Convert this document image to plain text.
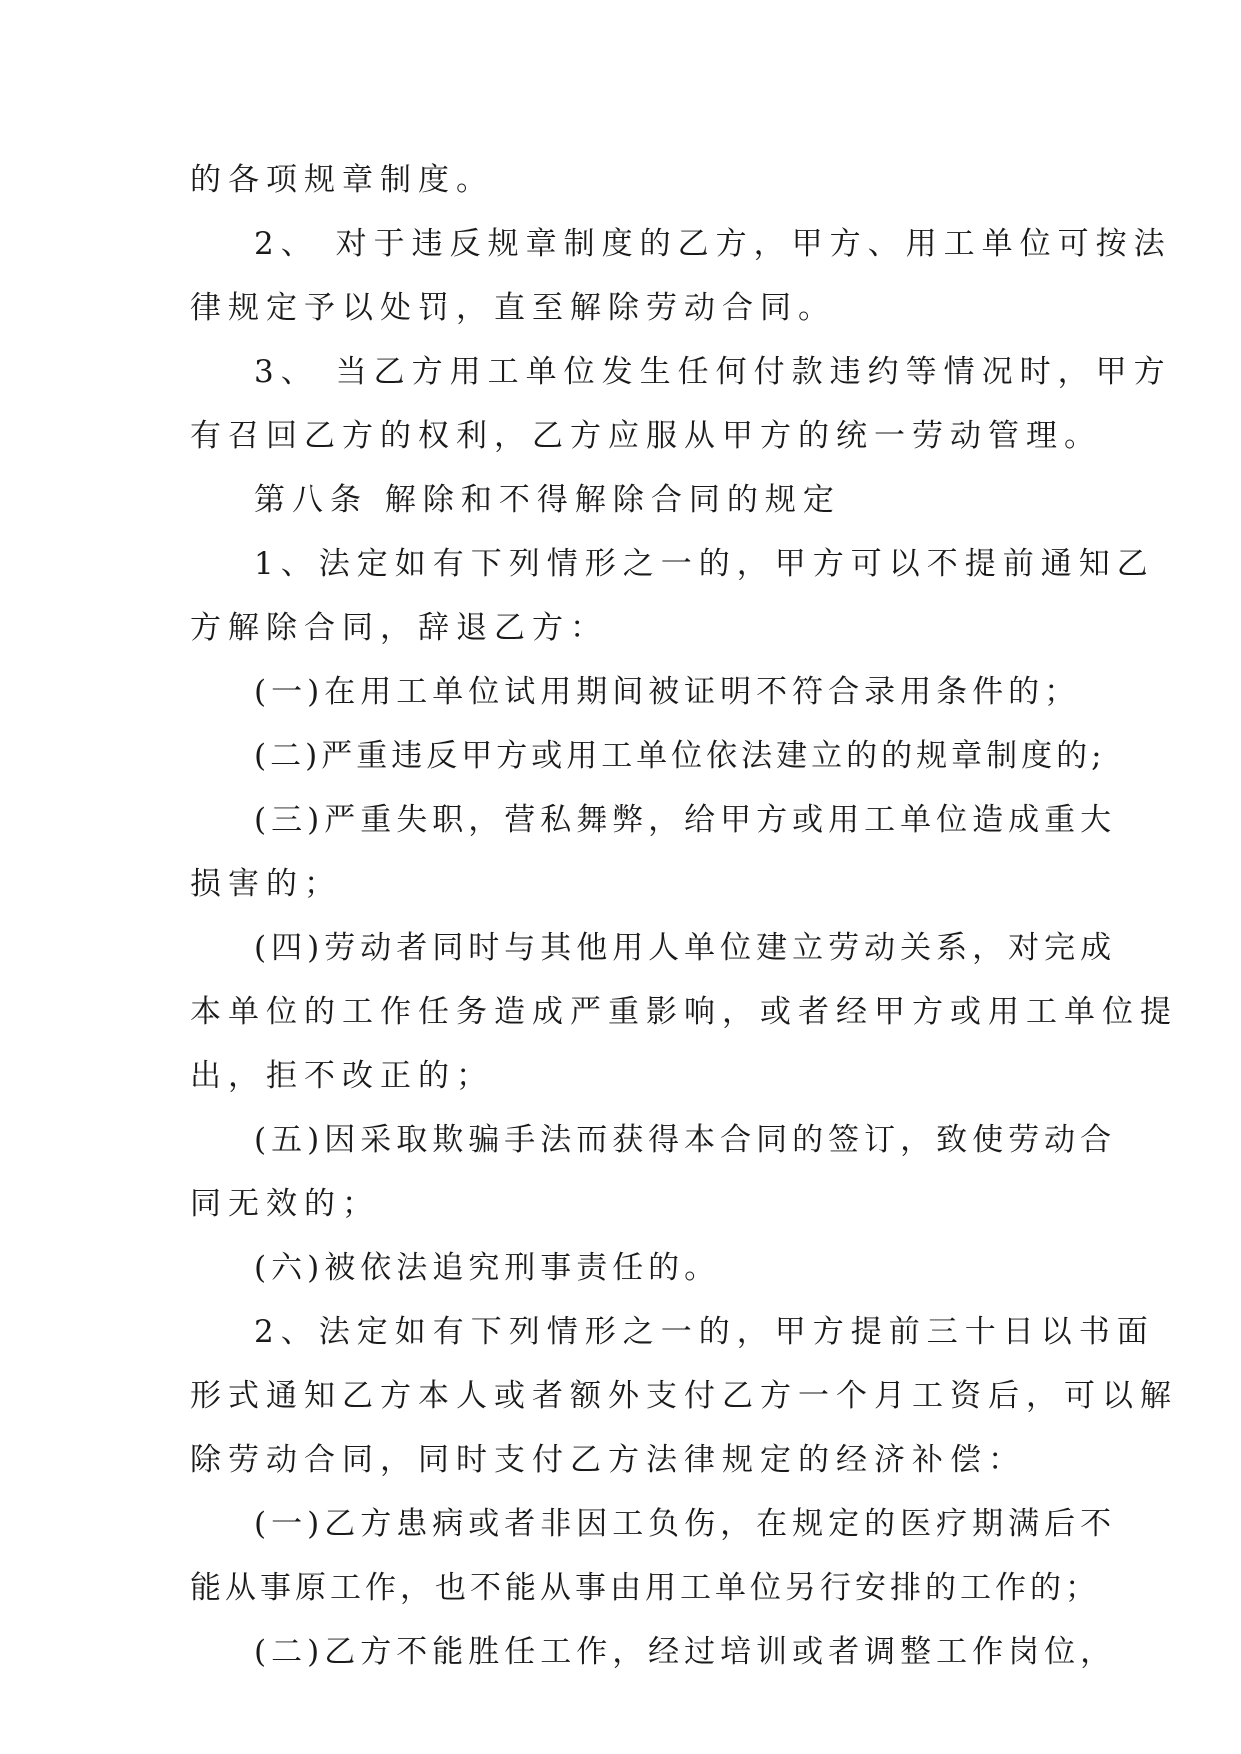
的各项规章制度。
2、 对于违反规章制度的乙方，甲方、用工单位可按法
律规定予以处罚，直至解除劳动合同。
3、 当乙方用工单位发生任何付款违约等情况时，甲方
有召回乙方的权利，乙方应服从甲方的统一劳动管理。
第八条 解除和不得解除合同的规定
1、法定如有下列情形之一的，甲方可以不提前通知乙
方解除合同，辞退乙方：
(一)在用工单位试用期间被证明不符合录用条件的；
(二)严重违反甲方或用工单位依法建立的的规章制度的;
(三)严重失职，营私舞弊，给甲方或用工单位造成重大
损害的；
(四)劳动者同时与其他用人单位建立劳动关系，对完成
本单位的工作任务造成严重影响，或者经甲方或用工单位提
出，拒不改正的；
(五)因采取欺骗手法而获得本合同的签订，致使劳动合
同无效的；
(六)被依法追究刑事责任的。
2、法定如有下列情形之一的，甲方提前三十日以书面
形式通知乙方本人或者额外支付乙方一个月工资后，可以解
除劳动合同，同时支付乙方法律规定的经济补偿：
(一)乙方患病或者非因工负伤，在规定的医疗期满后不
能从事原工作，也不能从事由用工单位另行安排的工作的；
(二)乙方不能胜任工作，经过培训或者调整工作岗位，
